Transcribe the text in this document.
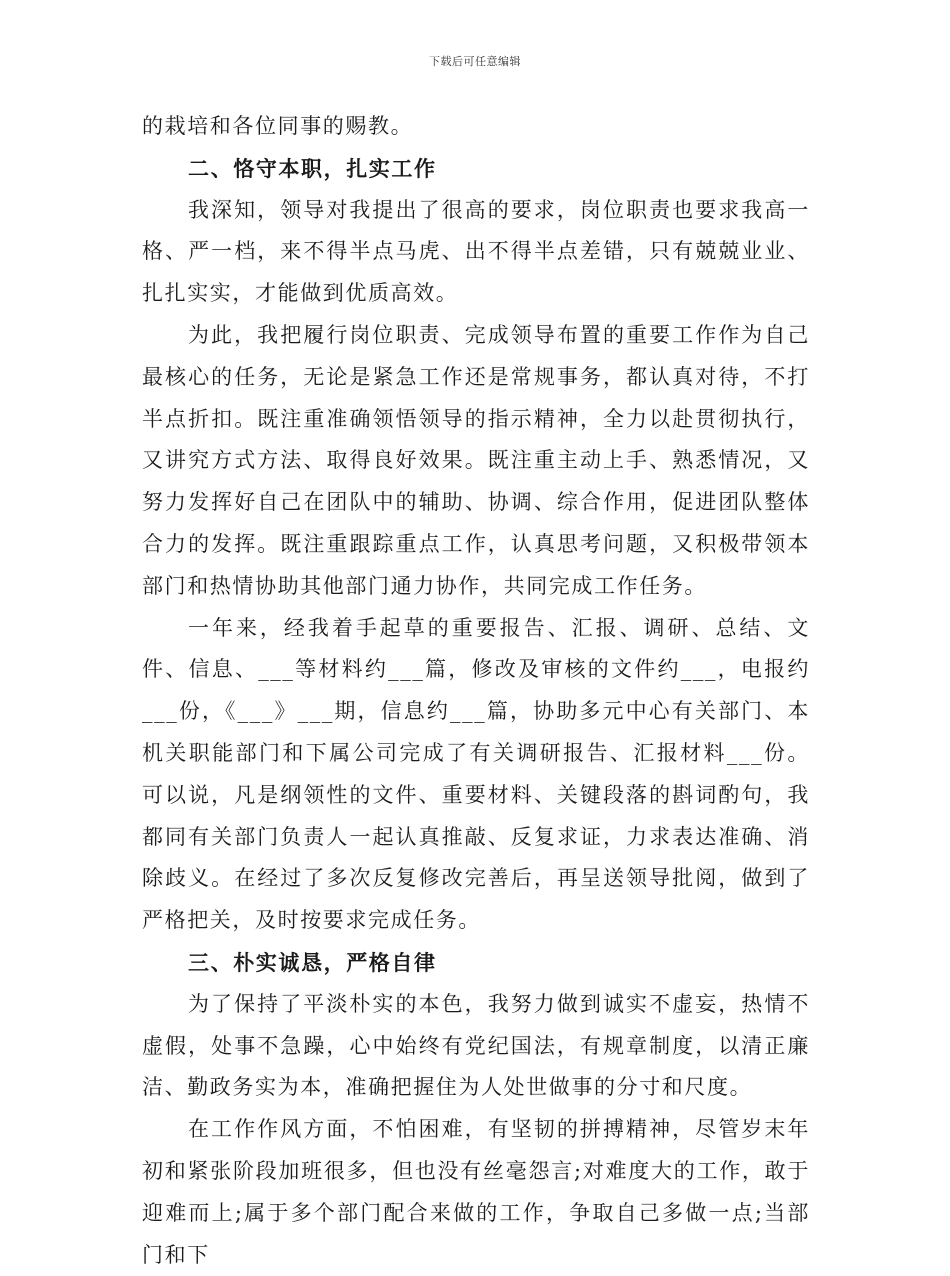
下载后可任意编辑

的栽培和各位同事的赐教。

二、恪守本职，扎实工作

我深知，领导对我提出了很高的要求，岗位职责也要求我高一格、严一档，来不得半点马虎、出不得半点差错，只有兢兢业业、扎扎实实，才能做到优质高效。

为此，我把履行岗位职责、完成领导布置的重要工作作为自己最核心的任务，无论是紧急工作还是常规事务，都认真对待，不打半点折扣。既注重准确领悟领导的指示精神，全力以赴贯彻执行，又讲究方式方法、取得良好效果。既注重主动上手、熟悉情况，又努力发挥好自己在团队中的辅助、协调、综合作用，促进团队整体合力的发挥。既注重跟踪重点工作，认真思考问题，又积极带领本部门和热情协助其他部门通力协作，共同完成工作任务。

一年来，经我着手起草的重要报告、汇报、调研、总结、文件、信息、___等材料约___篇，修改及审核的文件约___，电报约___份，《___》___期，信息约___篇，协助多元中心有关部门、本机关职能部门和下属公司完成了有关调研报告、汇报材料___份。可以说，凡是纲领性的文件、重要材料、关键段落的斟词酌句，我都同有关部门负责人一起认真推敲、反复求证，力求表达准确、消除歧义。在经过了多次反复修改完善后，再呈送领导批阅，做到了严格把关，及时按要求完成任务。

三、朴实诚恳，严格自律

为了保持了平淡朴实的本色，我努力做到诚实不虚妄，热情不虚假，处事不急躁，心中始终有党纪国法，有规章制度，以清正廉洁、勤政务实为本，准确把握住为人处世做事的分寸和尺度。

在工作作风方面，不怕困难，有坚韧的拼搏精神，尽管岁末年初和紧张阶段加班很多，但也没有丝毫怨言;对难度大的工作，敢于迎难而上;属于多个部门配合来做的工作，争取自己多做一点;当部门和下
